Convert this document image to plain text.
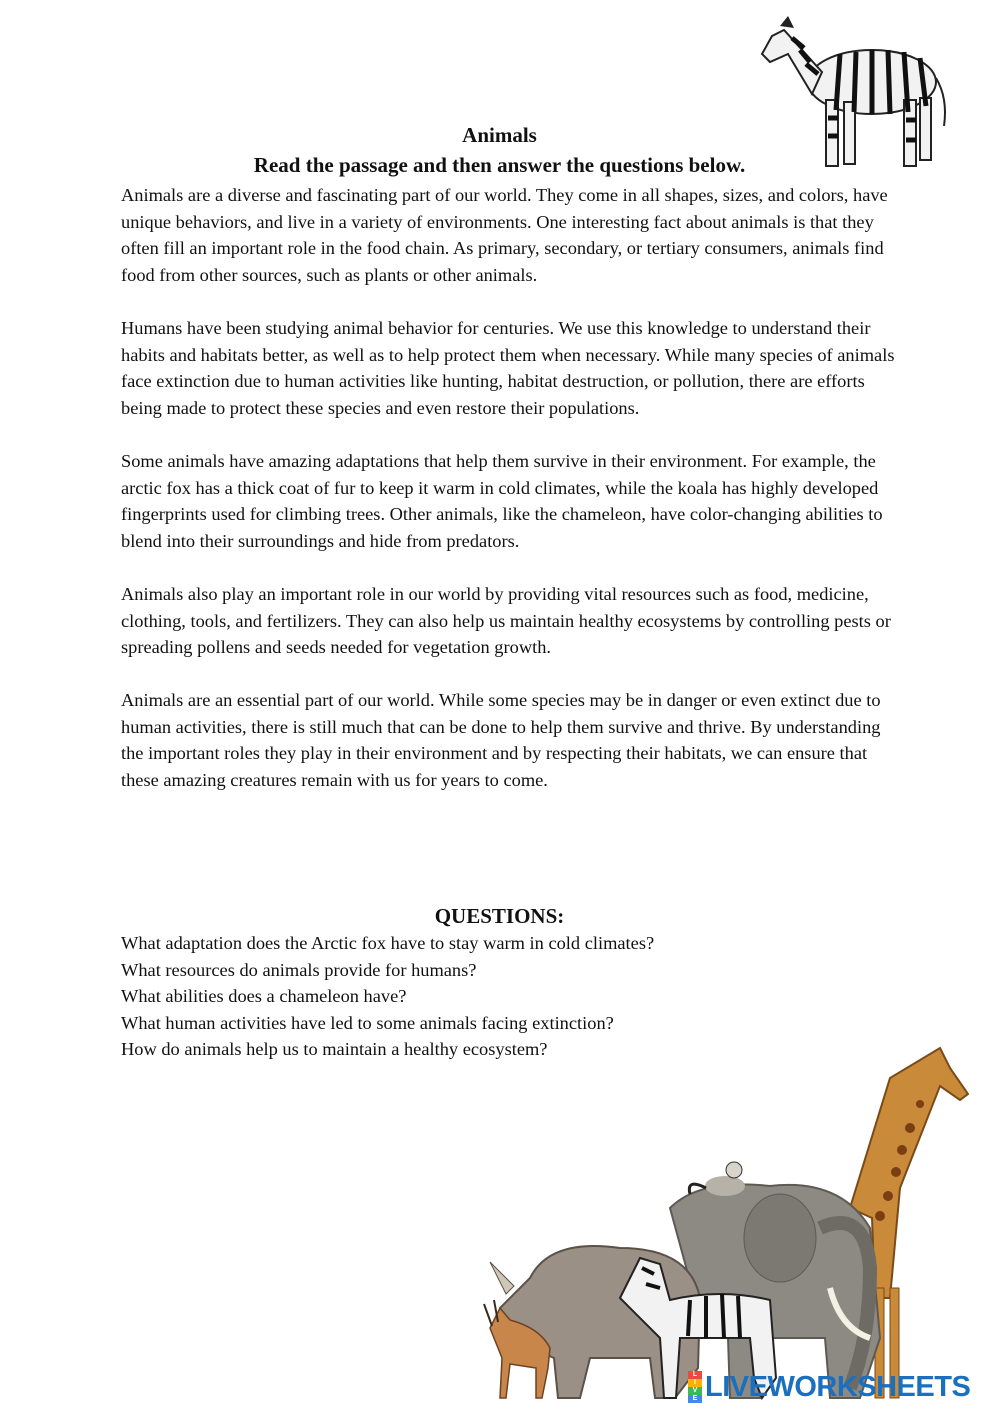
Animals
Read the passage and then answer the questions below.

Animals are a diverse and fascinating part of our world. They come in all shapes, sizes, and colors, have unique behaviors, and live in a variety of environments. One interesting fact about animals is that they often fill an important role in the food chain. As primary, secondary, or tertiary consumers, animals find food from other sources, such as plants or other animals.

Humans have been studying animal behavior for centuries. We use this knowledge to understand their habits and habitats better, as well as to help protect them when necessary. While many species of animals face extinction due to human activities like hunting, habitat destruction, or pollution, there are efforts being made to protect these species and even restore their populations.

Some animals have amazing adaptations that help them survive in their environment. For example, the arctic fox has a thick coat of fur to keep it warm in cold climates, while the koala has highly developed fingerprints used for climbing trees. Other animals, like the chameleon, have color-changing abilities to blend into their surroundings and hide from predators.

Animals also play an important role in our world by providing vital resources such as food, medicine, clothing, tools, and fertilizers. They can also help us maintain healthy ecosystems by controlling pests or spreading pollens and seeds needed for vegetation growth.

Animals are an essential part of our world. While some species may be in danger or even extinct due to human activities, there is still much that can be done to help them survive and thrive. By understanding the important roles they play in their environment and by respecting their habitats, we can ensure that these amazing creatures remain with us for years to come.

QUESTIONS:
What adaptation does the Arctic fox have to stay warm in cold climates?
What resources do animals provide for humans?
What abilities does a chameleon have?
What human activities have led to some animals facing extinction?
How do animals help us to maintain a healthy ecosystem?
L
I
V
E LIVEWORKSHEETS
